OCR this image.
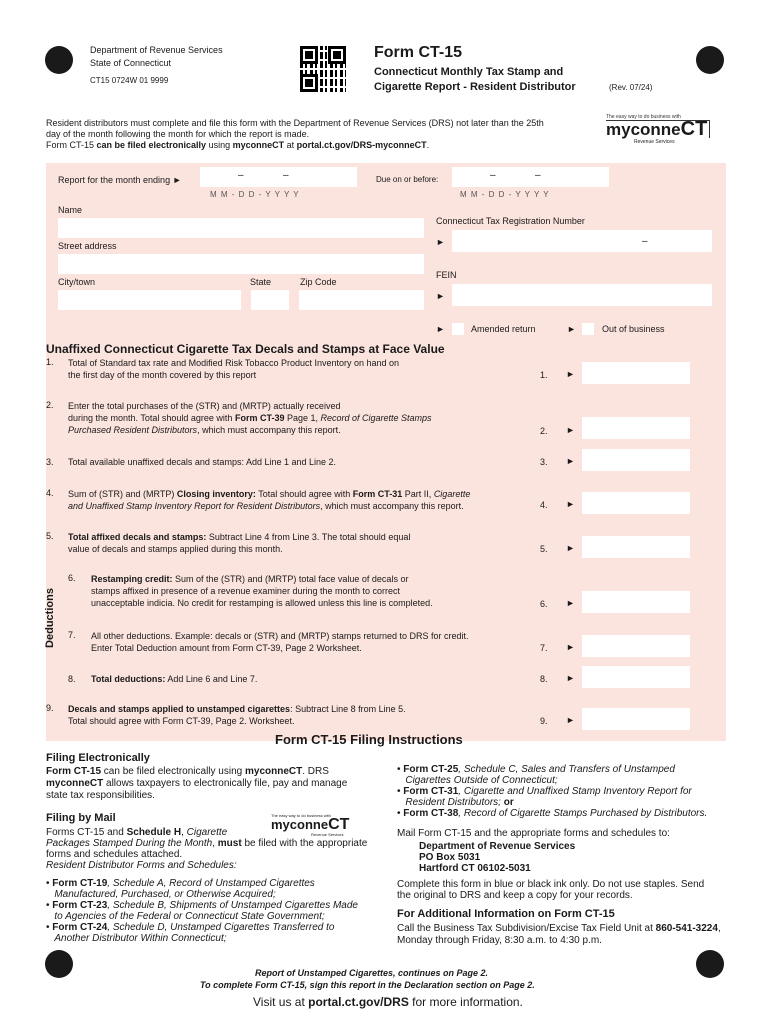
Department of Revenue Services
State of Connecticut
CT15 0724W 01 9999
Form CT-15
Connecticut Monthly Tax Stamp and
Cigarette Report - Resident Distributor	(Rev. 07/24)
Resident distributors must complete and file this form with the Department of Revenue Services (DRS) not later than the 25th
day of the month following the month for which the report is made.
Form CT-15 can be filed electronically using myconneCT at portal.ct.gov/DRS-myconneCT.
The easy way to do business with
myconneCT
Revenue Services
Report for the month ending ►	–	–
M M - D D - Y Y Y Y
Due on or before:	–	–
M M - D D - Y Y Y Y
Name
Connecticut Tax Registration Number
►	–
Street address
FEIN
►
City/town	State	Zip Code
►	Amended return	►	Out of business
Unaffixed Connecticut Cigarette Tax Decals and Stamps at Face Value
1. Total of Standard tax rate and Modified Risk Tobacco Product Inventory on hand on
the first day of the month covered by this report	1. ►
2. Enter the total purchases of the (STR) and (MRTP) actually received
during the month. Total should agree with Form CT-39 Page 1, Record of Cigarette Stamps
Purchased Resident Distributors, which must accompany this report.	2. ►
3. Total available unaffixed decals and stamps: Add Line 1 and Line 2.	3. ►
4. Sum of (STR) and (MRTP) Closing inventory: Total should agree with Form CT-31 Part II, Cigarette
and Unaffixed Stamp Inventory Report for Resident Distributors, which must accompany this report.	4. ►
5. Total affixed decals and stamps: Subtract Line 4 from Line 3. The total should equal
value of decals and stamps applied during this month.	5. ►
Deductions
6. Restamping credit: Sum of the (STR) and (MRTP) total face value of decals or
stamps affixed in presence of a revenue examiner during the month to correct
unacceptable indicia. No credit for restamping is allowed unless this line is completed.	6. ►
7. All other deductions. Example: decals or (STR) and (MRTP) stamps returned to DRS for credit.
Enter Total Deduction amount from Form CT-39, Page 2 Worksheet.	7. ►
8. Total deductions: Add Line 6 and Line 7.	8. ►
9. Decals and stamps applied to unstamped cigarettes: Subtract Line 8 from Line 5.
Total should agree with Form CT-39, Page 2. Worksheet.	9. ►
Form CT-15 Filing Instructions
Filing Electronically
Form CT-15 can be filed electronically using myconneCT. DRS
myconneCT allows taxpayers to electronically file, pay and manage
state tax responsibilities.
Filing by Mail	The easy way to do business with
myconneCT
Revenue Services
Forms CT-15 and Schedule H, Cigarette
Packages Stamped During the Month, must be filed with the appropriate
forms and schedules attached.
Resident Distributor Forms and Schedules:
• Form CT-19, Schedule A, Record of Unstamped Cigarettes
Manufactured, Purchased, or Otherwise Acquired;
• Form CT-23, Schedule B, Shipments of Unstamped Cigarettes Made
to Agencies of the Federal or Connecticut State Government;
• Form CT-24, Schedule D, Unstamped Cigarettes Transferred to
Another Distributor Within Connecticut;
• Form CT-25, Schedule C, Sales and Transfers of Unstamped
Cigarettes Outside of Connecticut;
• Form CT-31, Cigarette and Unaffixed Stamp Inventory Report for
Resident Distributors; or
• Form CT-38, Record of Cigarette Stamps Purchased by Distributors.
Mail Form CT-15 and the appropriate forms and schedules to:
Department of Revenue Services
PO Box 5031
Hartford CT 06102-5031
Complete this form in blue or black ink only. Do not use staples. Send
the original to DRS and keep a copy for your records.
For Additional Information on Form CT-15
Call the Business Tax Subdivision/Excise Tax Field Unit at 860-541-3224,
Monday through Friday, 8:30 a.m. to 4:30 p.m.
Report of Unstamped Cigarettes, continues on Page 2.
To complete Form CT-15, sign this report in the Declaration section on Page 2.
Visit us at portal.ct.gov/DRS for more information.
